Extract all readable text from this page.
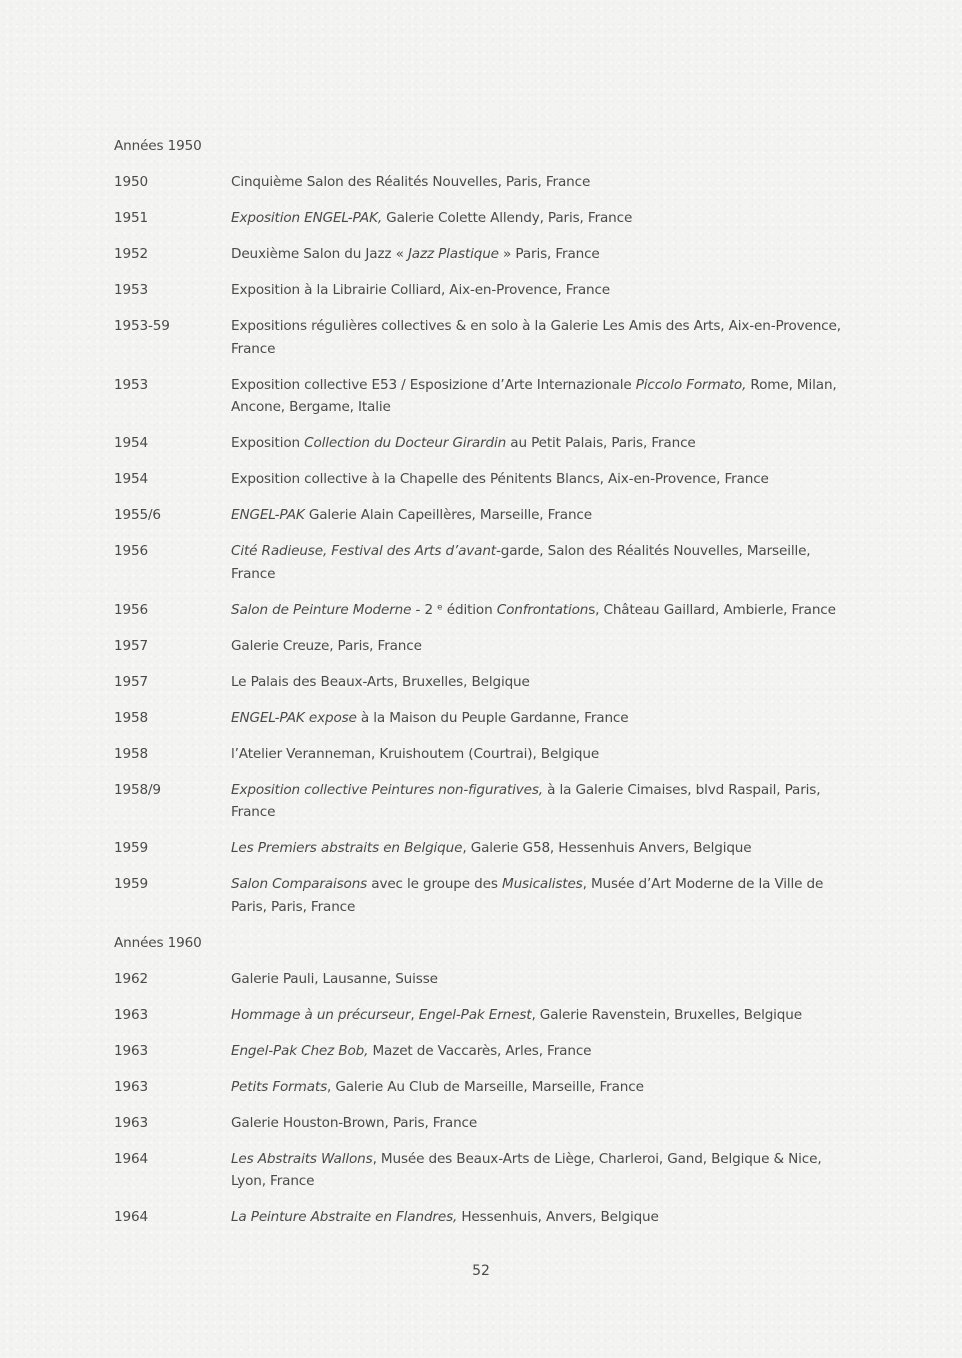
Années 1950
1950	Cinquième Salon des Réalités Nouvelles, Paris, France
1951	Exposition ENGEL-PAK, Galerie Colette Allendy, Paris, France
1952	Deuxième Salon du Jazz « Jazz Plastique » Paris, France
1953	Exposition à la Librairie Colliard, Aix-en-Provence, France
1953-59	Expositions régulières collectives & en solo à la Galerie Les Amis des Arts, Aix-en-Provence, France
1953	Exposition collective E53 / Esposizione d’Arte Internazionale Piccolo Formato, Rome, Milan, Ancone, Bergame, Italie
1954	Exposition Collection du Docteur Girardin au Petit Palais, Paris, France
1954	Exposition collective à la Chapelle des Pénitents Blancs, Aix-en-Provence, France
1955/6	ENGEL-PAK Galerie Alain Capeillères, Marseille, France
1956	Cité Radieuse, Festival des Arts d’avant-garde, Salon des Réalités Nouvelles, Marseille, France
1956	Salon de Peinture Moderne - 2 ᵉ édition Confrontations, Château Gaillard, Ambierle, France
1957	Galerie Creuze, Paris, France
1957	Le Palais des Beaux-Arts, Bruxelles, Belgique
1958	ENGEL-PAK expose à la Maison du Peuple Gardanne, France
1958	l’Atelier Veranneman, Kruishoutem (Courtrai), Belgique
1958/9	Exposition collective Peintures non-figuratives, à la Galerie Cimaises, blvd Raspail, Paris, France
1959	Les Premiers abstraits en Belgique, Galerie G58, Hessenhuis Anvers, Belgique
1959	Salon Comparaisons avec le groupe des Musicalistes, Musée d’Art Moderne de la Ville de Paris, Paris, France
Années 1960
1962	Galerie Pauli, Lausanne, Suisse
1963	Hommage à un précurseur, Engel-Pak Ernest, Galerie Ravenstein, Bruxelles, Belgique
1963	Engel-Pak Chez Bob, Mazet de Vaccarès, Arles, France
1963	Petits Formats, Galerie Au Club de Marseille, Marseille, France
1963	Galerie Houston-Brown, Paris, France
1964	Les Abstraits Wallons, Musée des Beaux-Arts de Liège, Charleroi, Gand, Belgique & Nice, Lyon, France
1964	La Peinture Abstraite en Flandres, Hessenhuis, Anvers, Belgique
52
